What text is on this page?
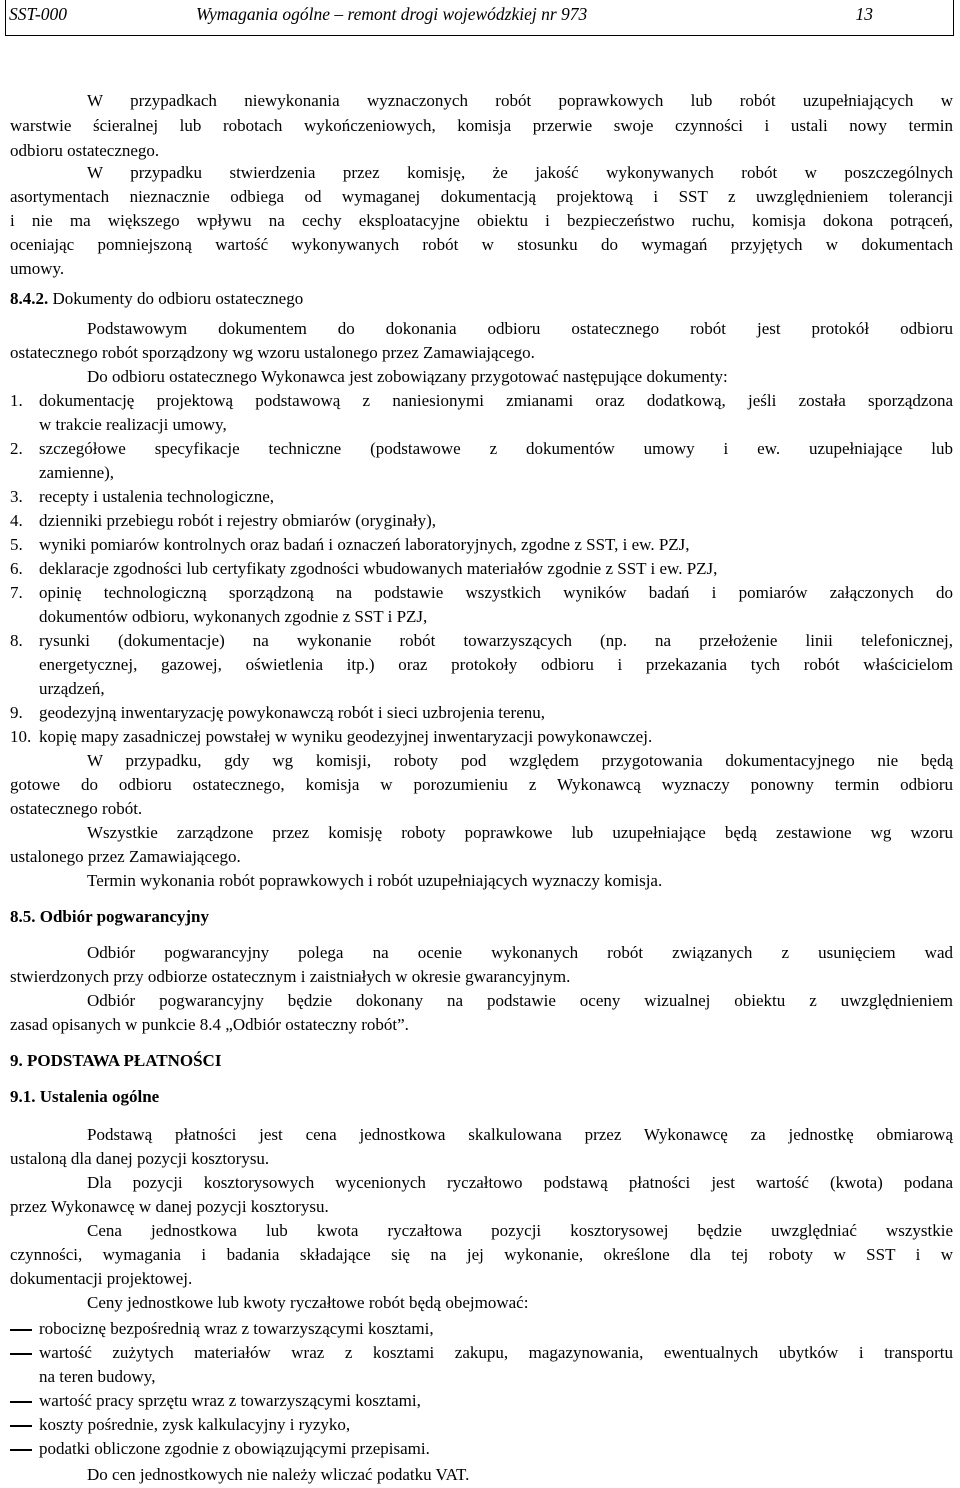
SST-000	Wymagania ogólne – remont drogi wojewódzkiej nr 973	13
W przypadkach niewykonania wyznaczonych robót poprawkowych lub robót uzupełniających w
warstwie ścieralnej lub robotach wykończeniowych, komisja przerwie swoje czynności i ustali nowy termin
odbioru ostatecznego.
W przypadku stwierdzenia przez komisję, że jakość wykonywanych robót w poszczególnych
asortymentach nieznacznie odbiega od wymaganej dokumentacją projektową i SST z uwzględnieniem tolerancji
i nie ma większego wpływu na cechy eksploatacyjne obiektu i bezpieczeństwo ruchu, komisja dokona potrąceń,
oceniając pomniejszoną wartość wykonywanych robót w stosunku do wymagań przyjętych w dokumentach
umowy.
Podstawowym dokumentem do dokonania odbioru ostatecznego robót jest protokół odbioru
ostatecznego robót sporządzony wg wzoru ustalonego przez Zamawiającego.
Do odbioru ostatecznego Wykonawca jest zobowiązany przygotować następujące dokumenty:
W przypadku, gdy wg komisji, roboty pod względem przygotowania dokumentacyjnego nie będą
gotowe do odbioru ostatecznego, komisja w porozumieniu z Wykonawcą wyznaczy ponowny termin odbioru
ostatecznego robót.
Wszystkie zarządzone przez komisję roboty poprawkowe lub uzupełniające będą zestawione wg wzoru
ustalonego przez Zamawiającego.
Termin wykonania robót poprawkowych i robót uzupełniających wyznaczy komisja.
Odbiór pogwarancyjny polega na ocenie wykonanych robót związanych z usunięciem wad
stwierdzonych przy odbiorze ostatecznym i zaistniałych w okresie gwarancyjnym.
Odbiór pogwarancyjny będzie dokonany na podstawie oceny wizualnej obiektu z uwzględnieniem
zasad opisanych w punkcie 8.4 „Odbiór ostateczny robót”.
Podstawą płatności jest cena jednostkowa skalkulowana przez Wykonawcę za jednostkę obmiarową
ustaloną dla danej pozycji kosztorysu.
Dla pozycji kosztorysowych wycenionych ryczałtowo podstawą płatności jest wartość (kwota) podana
przez Wykonawcę w danej pozycji kosztorysu.
Cena jednostkowa lub kwota ryczałtowa pozycji kosztorysowej będzie uwzględniać wszystkie
czynności, wymagania i badania składające się na jej wykonanie, określone dla tej roboty w SST i w
dokumentacji projektowej.
Ceny jednostkowe lub kwoty ryczałtowe robót będą obejmować:
Do cen jednostkowych nie należy wliczać podatku VAT.
8.4.2. Dokumenty do odbioru ostatecznego
8.5. Odbiór pogwarancyjny
9. PODSTAWA PŁATNOŚCI
9.1. Ustalenia ogólne
1. dokumentację projektową podstawową z naniesionymi zmianami oraz dodatkową, jeśli została sporządzona
w trakcie realizacji umowy,
2. szczegółowe specyfikacje techniczne (podstawowe z dokumentów umowy i ew. uzupełniające lub
zamienne),
3. recepty i ustalenia technologiczne,
4. dzienniki przebiegu robót i rejestry obmiarów (oryginały),
5. wyniki pomiarów kontrolnych oraz badań i oznaczeń laboratoryjnych, zgodne z SST, i ew. PZJ,
6. deklaracje zgodności lub certyfikaty zgodności wbudowanych materiałów zgodnie z SST i ew. PZJ,
7. opinię technologiczną sporządzoną na podstawie wszystkich wyników badań i pomiarów załączonych do
dokumentów odbioru, wykonanych zgodnie z SST i PZJ,
8. rysunki (dokumentacje) na wykonanie robót towarzyszących (np. na przełożenie linii telefonicznej,
energetycznej, gazowej, oświetlenia itp.) oraz protokoły odbioru i przekazania tych robót właścicielom
urządzeń,
9. geodezyjną inwentaryzację powykonawczą robót i sieci uzbrojenia terenu,
10. kopię mapy zasadniczej powstałej w wyniku geodezyjnej inwentaryzacji powykonawczej.
robociznę bezpośrednią wraz z towarzyszącymi kosztami,
wartość zużytych materiałów wraz z kosztami zakupu, magazynowania, ewentualnych ubytków i transportu
na teren budowy,
wartość pracy sprzętu wraz z towarzyszącymi kosztami,
koszty pośrednie, zysk kalkulacyjny i ryzyko,
podatki obliczone zgodnie z obowiązującymi przepisami.
